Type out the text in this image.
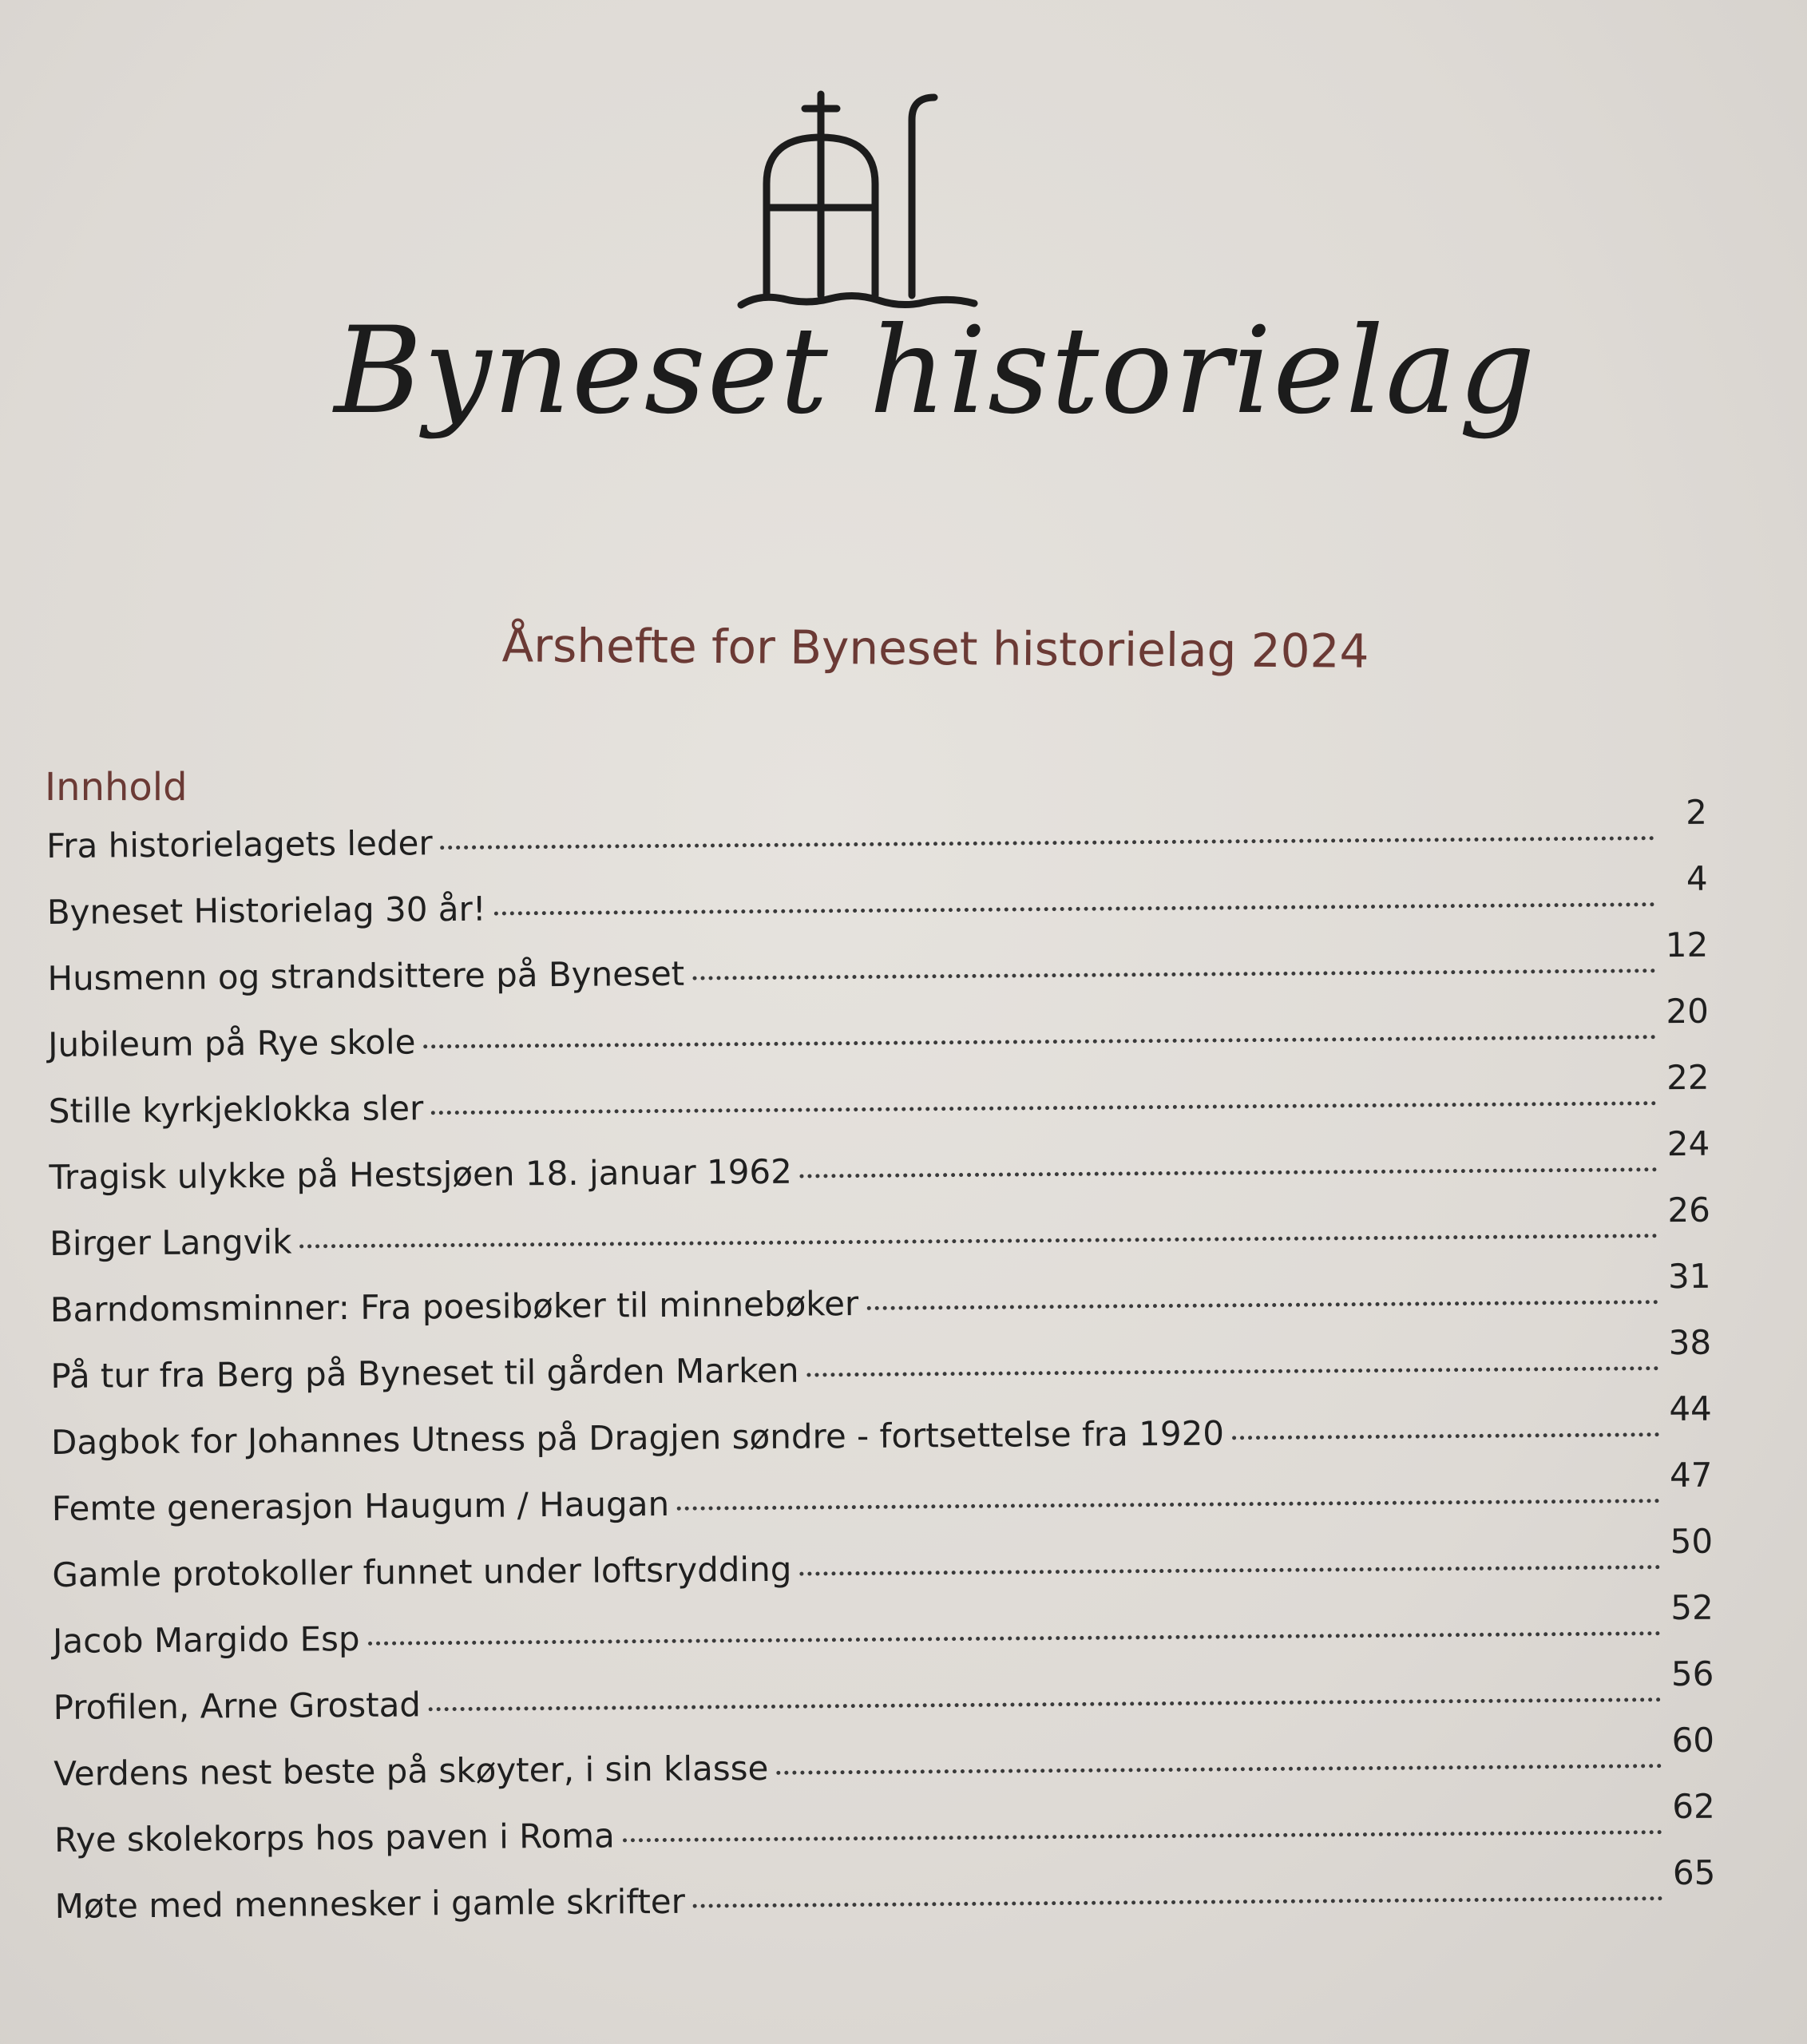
Byneset historielag
Årshefte for Byneset historielag 2024
Innhold
Fra historielagets leder
2
Byneset Historielag 30 år!
4
Husmenn og strandsittere på Byneset
12
Jubileum på Rye skole
20
Stille kyrkjeklokka sler
22
Tragisk ulykke på Hestsjøen 18. januar 1962
24
Birger Langvik
26
Barndomsminner: Fra poesibøker til minnebøker
31
På tur fra Berg på Byneset til gården Marken
38
Dagbok for Johannes Utness på Dragjen søndre - fortsettelse fra 1920
44
Femte generasjon Haugum / Haugan
47
Gamle protokoller funnet under loftsrydding
50
Jacob Margido Esp
52
Profilen, Arne Grostad
56
Verdens nest beste på skøyter, i sin klasse
60
Rye skolekorps hos paven i Roma
62
Møte med mennesker i gamle skrifter
65
